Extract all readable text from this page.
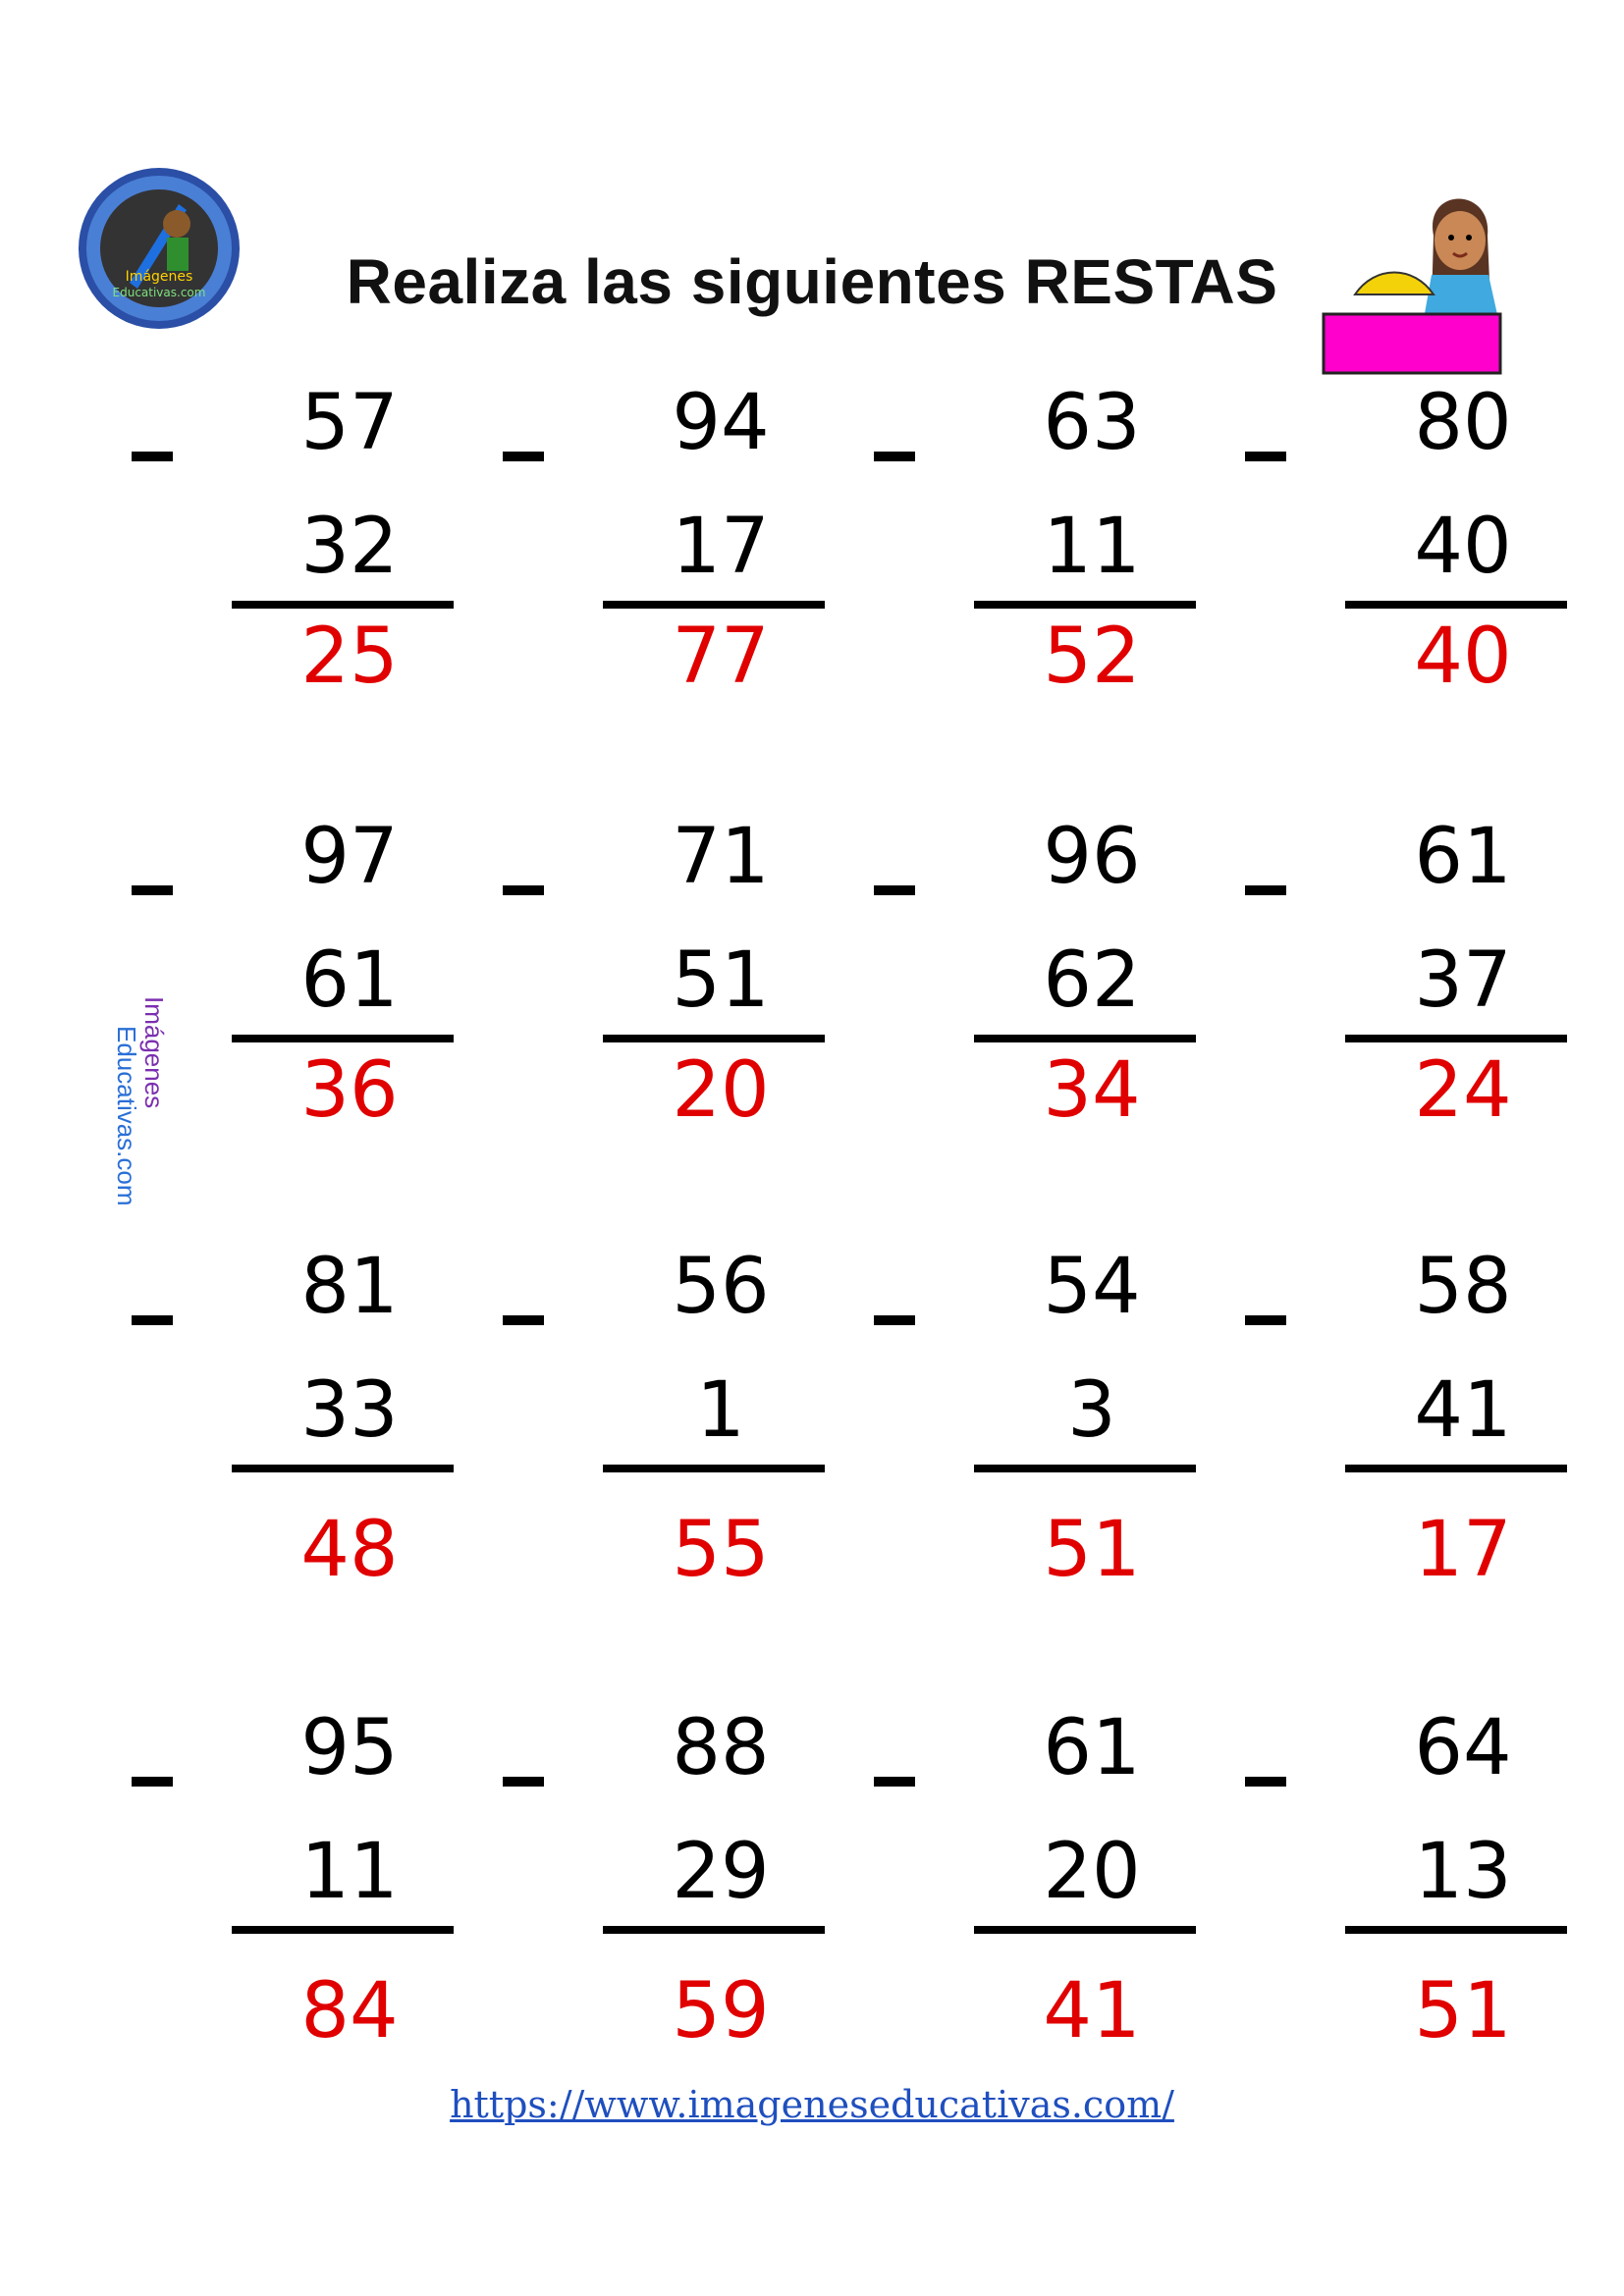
Imágenes
Educativas.com	Realiza las siguientes RESTAS
Imágenes
Educativas.com
57
32
25
94
17
77
63
11
52
80
40
40
97
61
36
71
51
20
96
62
34
61
37
24
81
33
48
56
1
55
54
3
51
58
41
17
95
11
84
88
29
59
61
20
41
64
13
51
https://www.imageneseducativas.com/
